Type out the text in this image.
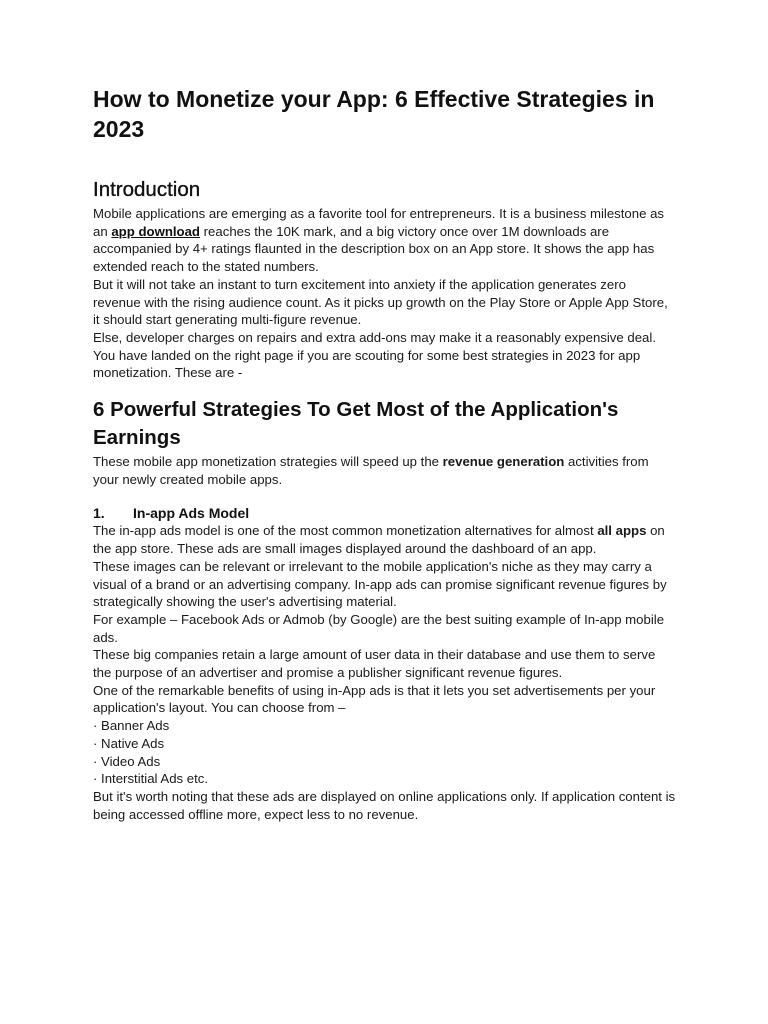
How to Monetize your App: 6 Effective Strategies in 2023
Introduction

Mobile applications are emerging as a favorite tool for entrepreneurs. It is a business milestone as an app download reaches the 10K mark, and a big victory once over 1M downloads are accompanied by 4+ ratings flaunted in the description box on an App store. It shows the app has extended reach to the stated numbers.

But it will not take an instant to turn excitement into anxiety if the application generates zero revenue with the rising audience count. As it picks up growth on the Play Store or Apple App Store, it should start generating multi-figure revenue.

Else, developer charges on repairs and extra add-ons may make it a reasonably expensive deal. You have landed on the right page if you are scouting for some best strategies in 2023 for app monetization. These are -

6 Powerful Strategies To Get Most of the Application's Earnings

These mobile app monetization strategies will speed up the revenue generation activities from your newly created mobile apps.

1. In-app Ads Model

The in-app ads model is one of the most common monetization alternatives for almost all apps on the app store. These ads are small images displayed around the dashboard of an app.

These images can be relevant or irrelevant to the mobile application's niche as they may carry a visual of a brand or an advertising company. In-app ads can promise significant revenue figures by strategically showing the user's advertising material.

For example – Facebook Ads or Admob (by Google) are the best suiting example of In-app mobile ads.

These big companies retain a large amount of user data in their database and use them to serve the purpose of an advertiser and promise a publisher significant revenue figures.

One of the remarkable benefits of using in-App ads is that it lets you set advertisements per your application's layout. You can choose from –

· Banner Ads
· Native Ads
· Video Ads
· Interstitial Ads etc.

But it's worth noting that these ads are displayed on online applications only. If application content is being accessed offline more, expect less to no revenue.
